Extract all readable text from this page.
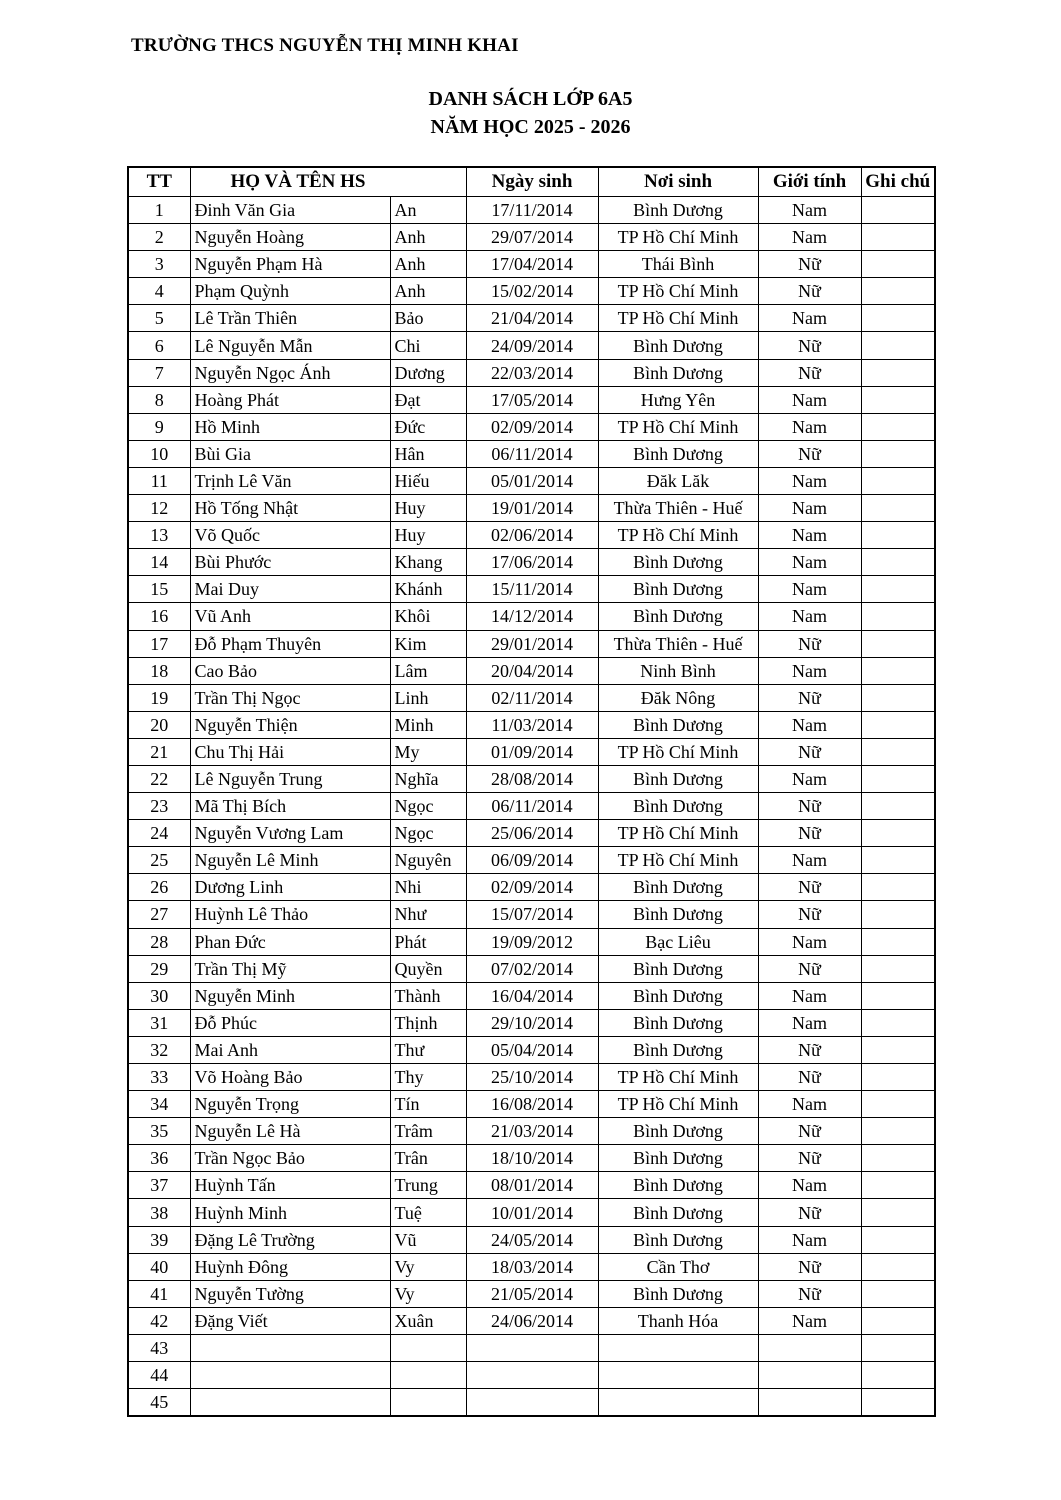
TRƯỜNG THCS NGUYỄN THỊ MINH KHAI
DANH SÁCH LỚP 6A5
NĂM HỌC 2025 - 2026
TT	HỌ VÀ TÊN HS		Ngày sinh	Nơi sinh	Giới tính	Ghi chú
1	Đinh Văn Gia	An	17/11/2014	Bình Dương	Nam	
2	Nguyễn Hoàng	Anh	29/07/2014	TP Hồ Chí Minh	Nam	
3	Nguyễn Phạm Hà	Anh	17/04/2014	Thái Bình	Nữ	
4	Phạm Quỳnh	Anh	15/02/2014	TP Hồ Chí Minh	Nữ	
5	Lê Trần Thiên	Bảo	21/04/2014	TP Hồ Chí Minh	Nam	
6	Lê Nguyễn Mẫn	Chi	24/09/2014	Bình Dương	Nữ	
7	Nguyễn Ngọc Ánh	Dương	22/03/2014	Bình Dương	Nữ	
8	Hoàng Phát	Đạt	17/05/2014	Hưng Yên	Nam	
9	Hồ Minh	Đức	02/09/2014	TP Hồ Chí Minh	Nam	
10	Bùi Gia	Hân	06/11/2014	Bình Dương	Nữ	
11	Trịnh Lê Văn	Hiếu	05/01/2014	Đăk Lăk	Nam	
12	Hồ Tống Nhật	Huy	19/01/2014	Thừa Thiên - Huế	Nam	
13	Võ Quốc	Huy	02/06/2014	TP Hồ Chí Minh	Nam	
14	Bùi Phước	Khang	17/06/2014	Bình Dương	Nam	
15	Mai Duy	Khánh	15/11/2014	Bình Dương	Nam	
16	Vũ Anh	Khôi	14/12/2014	Bình Dương	Nam	
17	Đỗ Phạm Thuyên	Kim	29/01/2014	Thừa Thiên - Huế	Nữ	
18	Cao Bảo	Lâm	20/04/2014	Ninh Bình	Nam	
19	Trần Thị Ngọc	Linh	02/11/2014	Đăk Nông	Nữ	
20	Nguyễn Thiện	Minh	11/03/2014	Bình Dương	Nam	
21	Chu Thị Hải	My	01/09/2014	TP Hồ Chí Minh	Nữ	
22	Lê Nguyễn Trung	Nghĩa	28/08/2014	Bình Dương	Nam	
23	Mã Thị Bích	Ngọc	06/11/2014	Bình Dương	Nữ	
24	Nguyễn Vương Lam	Ngọc	25/06/2014	TP Hồ Chí Minh	Nữ	
25	Nguyễn Lê Minh	Nguyên	06/09/2014	TP Hồ Chí Minh	Nam	
26	Dương Linh	Nhi	02/09/2014	Bình Dương	Nữ	
27	Huỳnh Lê Thảo	Như	15/07/2014	Bình Dương	Nữ	
28	Phan Đức	Phát	19/09/2012	Bạc Liêu	Nam	
29	Trần Thị Mỹ	Quyền	07/02/2014	Bình Dương	Nữ	
30	Nguyễn Minh	Thành	16/04/2014	Bình Dương	Nam	
31	Đỗ Phúc	Thịnh	29/10/2014	Bình Dương	Nam	
32	Mai Anh	Thư	05/04/2014	Bình Dương	Nữ	
33	Võ Hoàng Bảo	Thy	25/10/2014	TP Hồ Chí Minh	Nữ	
34	Nguyễn Trọng	Tín	16/08/2014	TP Hồ Chí Minh	Nam	
35	Nguyễn Lê Hà	Trâm	21/03/2014	Bình Dương	Nữ	
36	Trần Ngọc Bảo	Trân	18/10/2014	Bình Dương	Nữ	
37	Huỳnh Tấn	Trung	08/01/2014	Bình Dương	Nam	
38	Huỳnh Minh	Tuệ	10/01/2014	Bình Dương	Nữ	
39	Đặng Lê Trường	Vũ	24/05/2014	Bình Dương	Nam	
40	Huỳnh Đông	Vy	18/03/2014	Cần Thơ	Nữ	
41	Nguyễn Tường	Vy	21/05/2014	Bình Dương	Nữ	
42	Đặng Viết	Xuân	24/06/2014	Thanh Hóa	Nam	
43						
44						
45						
